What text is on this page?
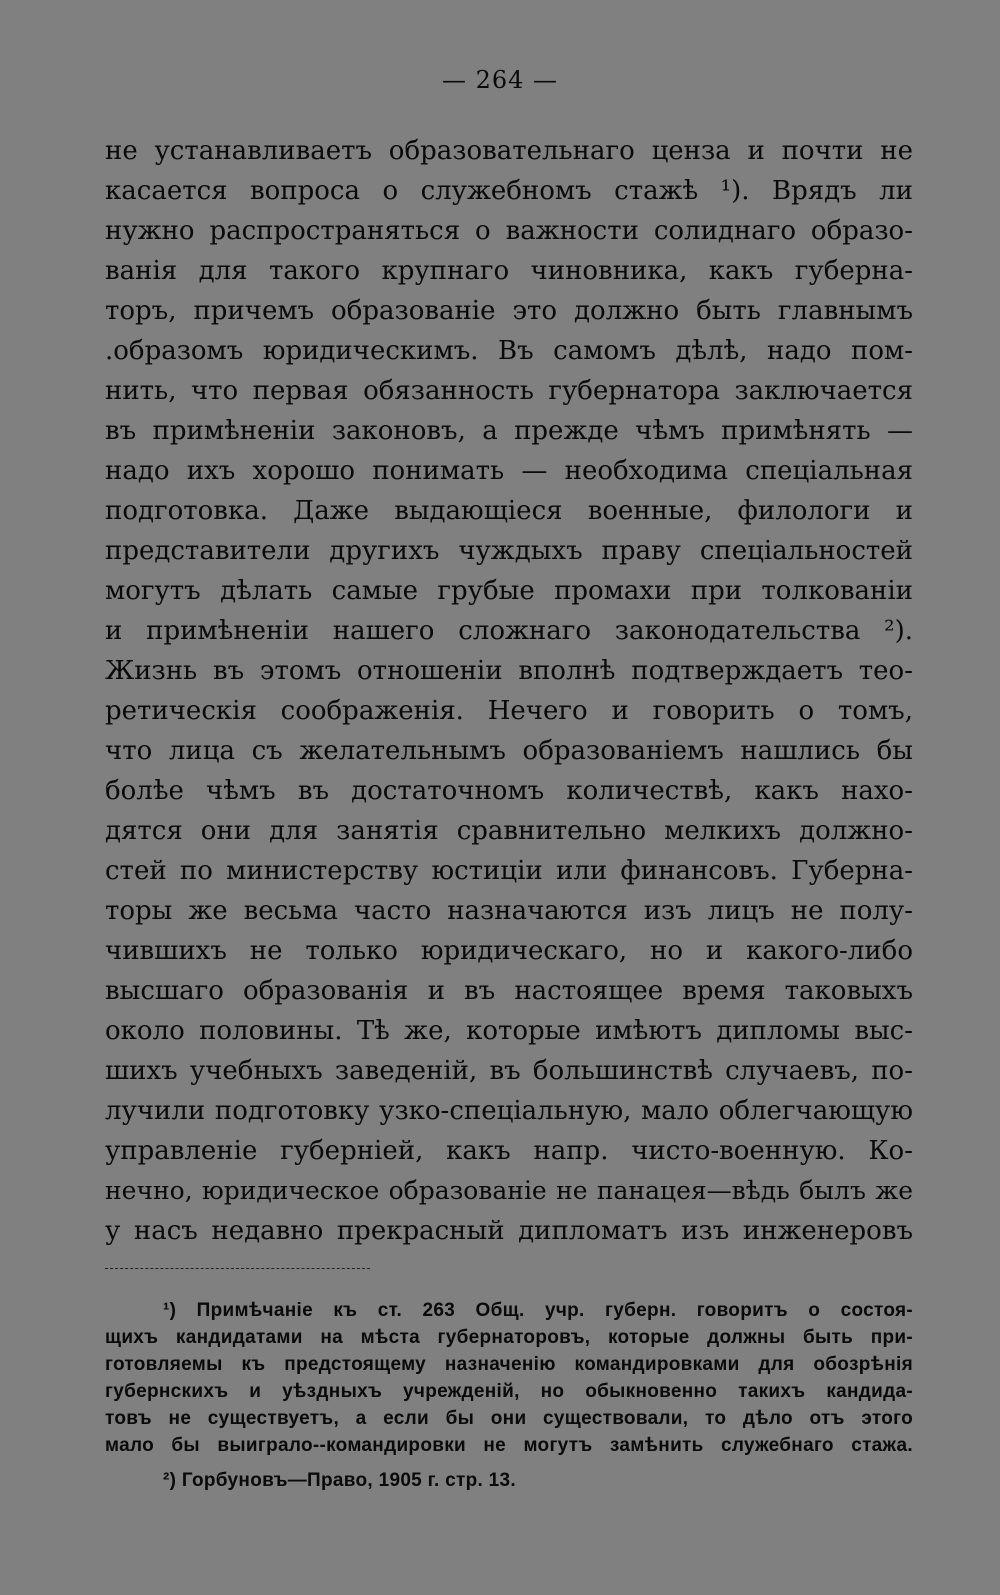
— 264 —
не устанавливаетъ образовательнаго ценза и почти не
касается вопроса о служебномъ стажѣ ¹). Врядъ ли
нужно распространяться о важности солиднаго образо-
ванія для такого крупнаго чиновника, какъ губерна-
торъ, причемъ образованіе это должно быть главнымъ
.образомъ юридическимъ. Въ самомъ дѣлѣ, надо пом-
нить, что первая обязанность губернатора заключается
въ примѣненіи законовъ, а прежде чѣмъ примѣнять —
надо ихъ хорошо понимать — необходима спеціальная
подготовка. Даже выдающіеся военные, филологи и
представители другихъ чуждыхъ праву спеціальностей
могутъ дѣлать самые грубые промахи при толкованіи
и примѣненіи нашего сложнаго законодательства ²).
Жизнь въ этомъ отношеніи вполнѣ подтверждаетъ тео-
ретическія соображенія. Нечего и говорить о томъ,
что лица съ желательнымъ образованіемъ нашлись бы
болѣе чѣмъ въ достаточномъ количествѣ, какъ нахо-
дятся они для занятія сравнительно мелкихъ должно-
стей по министерству юстиціи или финансовъ. Губерна-
торы же весьма часто назначаются изъ лицъ не полу-
чившихъ не только юридическаго, но и какого-либо
высшаго образованія и въ настоящее время таковыхъ
около половины. Тѣ же, которые имѣютъ дипломы выс-
шихъ учебныхъ заведеній, въ большинствѣ случаевъ, по-
лучили подготовку узко-спеціальную, мало облегчающую
управленіе губерніей, какъ напр. чисто-военную. Ко-
нечно, юридическое образованіе не панацея—вѣдь былъ же
у насъ недавно прекрасный дипломатъ изъ инженеровъ
¹) Примѣчаніе къ ст. 263 Общ. учр. губерн. говоритъ о состоя-
щихъ кандидатами на мѣста губернаторовъ, которые должны быть при-
готовляемы къ предстоящему назначенію командировками для обозрѣнія
губернскихъ и уѣздныхъ учрежденій, но обыкновенно такихъ кандида-
товъ не существуетъ, а если бы они существовали, то дѣло отъ этого
мало бы выиграло--командировки не могутъ замѣнить служебнаго стажа.
²) Горбуновъ—Право, 1905 г. стр. 13.
